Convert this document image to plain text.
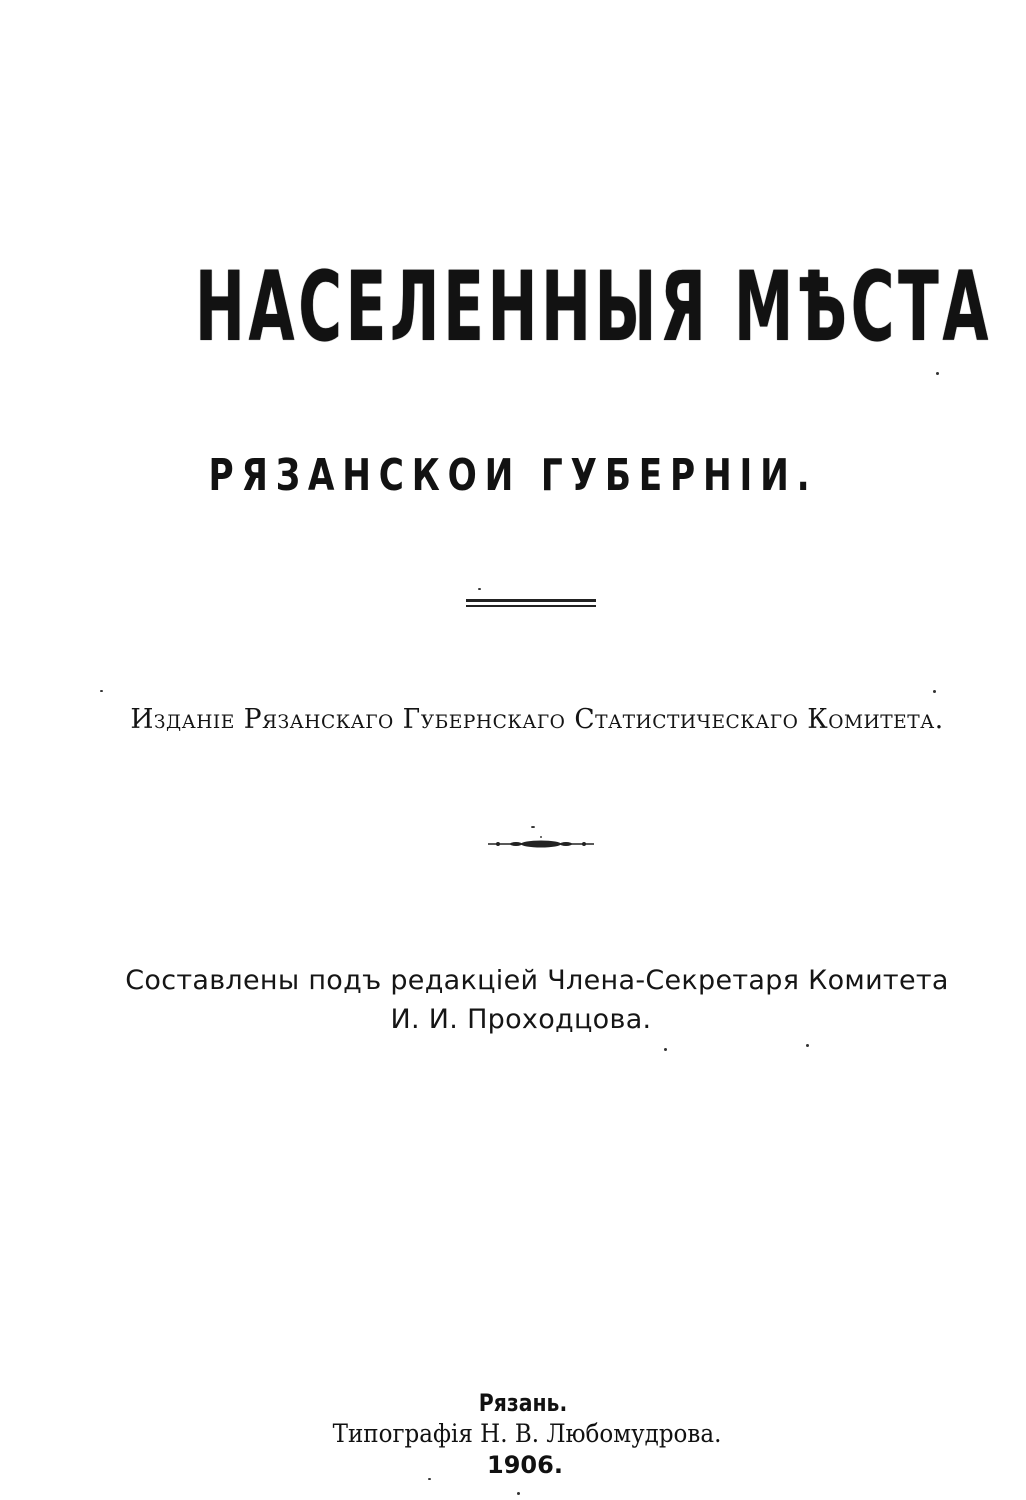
НАСЕЛЕННЫЯ МѢСТА
РЯЗАНСКОИ ГУБЕРНІИ.
Изданіе Рязанскаго Губернскаго Статистическаго Комитета.
Составлены подъ редакціей Члена-Секретаря Комитета
И. И. Проходцова.
Рязань.
Типографія Н. В. Любомудрова.
1906.
